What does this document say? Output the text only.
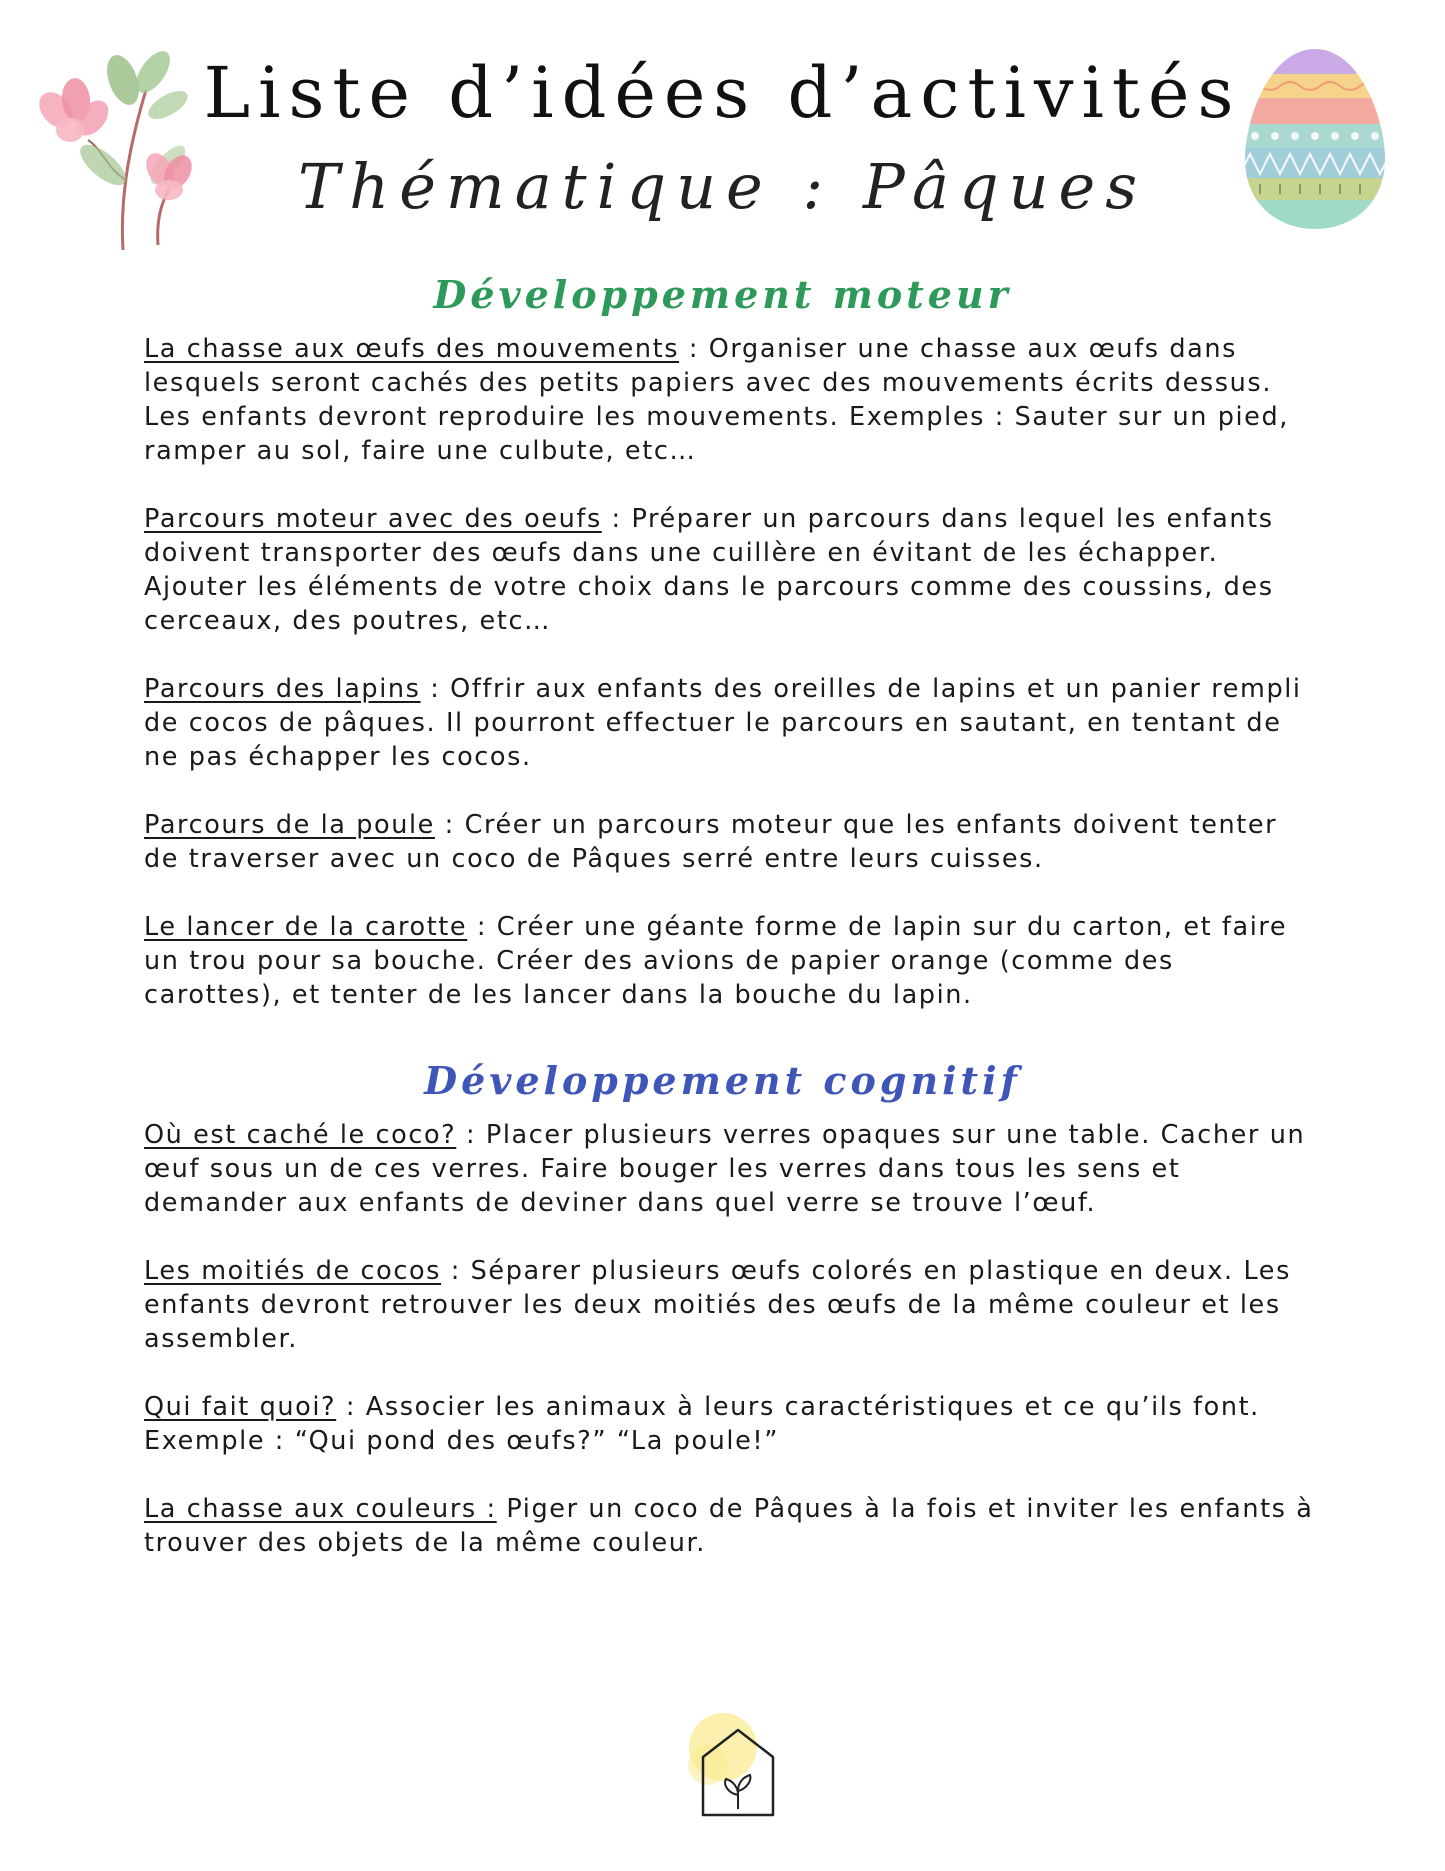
Liste d’idées d’activités
Thématique : Pâques
Développement moteur

La chasse aux œufs des mouvements : Organiser une chasse aux œufs dans lesquels seront cachés des petits papiers avec des mouvements écrits dessus. Les enfants devront reproduire les mouvements. Exemples : Sauter sur un pied, ramper au sol, faire une culbute, etc…

Parcours moteur avec des oeufs : Préparer un parcours dans lequel les enfants doivent transporter des œufs dans une cuillère en évitant de les échapper. Ajouter les éléments de votre choix dans le parcours comme des coussins, des cerceaux, des poutres, etc…

Parcours des lapins : Offrir aux enfants des oreilles de lapins et un panier rempli de cocos de pâques. Il pourront effectuer le parcours en sautant, en tentant de ne pas échapper les cocos.

Parcours de la poule : Créer un parcours moteur que les enfants doivent tenter de traverser avec un coco de Pâques serré entre leurs cuisses.

Le lancer de la carotte : Créer une géante forme de lapin sur du carton, et faire un trou pour sa bouche. Créer des avions de papier orange (comme des carottes), et tenter de les lancer dans la bouche du lapin.

Développement cognitif

Où est caché le coco? : Placer plusieurs verres opaques sur une table. Cacher un œuf sous un de ces verres. Faire bouger les verres dans tous les sens et demander aux enfants de deviner dans quel verre se trouve l’œuf.

Les moitiés de cocos : Séparer plusieurs œufs colorés en plastique en deux. Les enfants devront retrouver les deux moitiés des œufs de la même couleur et les assembler.

Qui fait quoi? : Associer les animaux à leurs caractéristiques et ce qu’ils font. Exemple : “Qui pond des œufs?” “La poule!”

La chasse aux couleurs : Piger un coco de Pâques à la fois et inviter les enfants à trouver des objets de la même couleur.
